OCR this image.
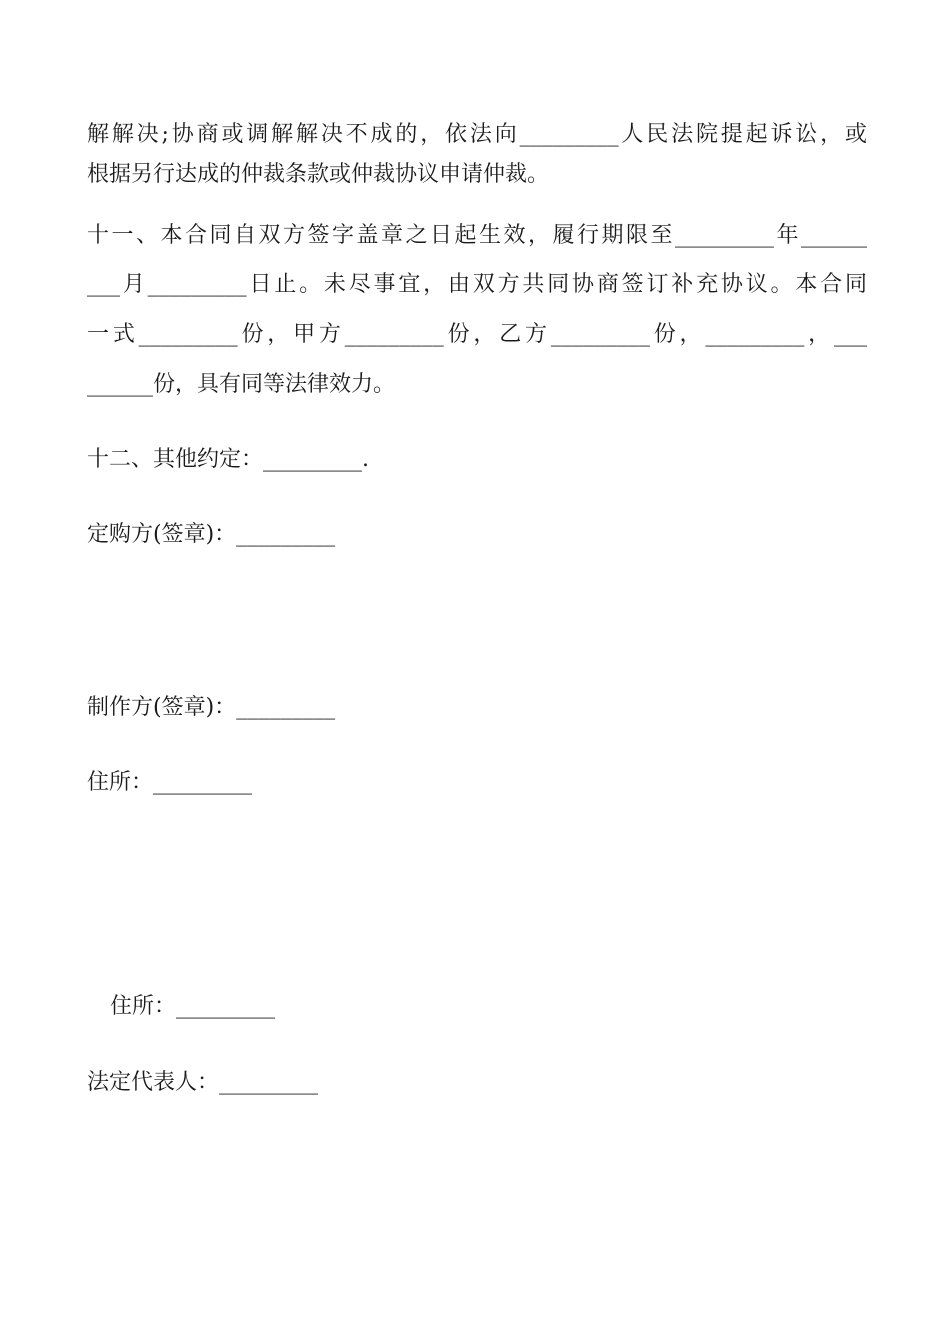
解解决;协商或调解解决不成的，依法向_________人民法院提起诉讼，或
根据另行达成的仲裁条款或仲裁协议申请仲裁。
十一、本合同自双方签字盖章之日起生效，履行期限至_________年______
___月_________日止。未尽事宜，由双方共同协商签订补充协议。本合同
一式_________份，甲方_________份，乙方_________份，_________，___
______份，具有同等法律效力。
十二、其他约定：_________.
定购方(签章)：_________
制作方(签章)：_________
住所：_________
住所：_________
法定代表人：_________
